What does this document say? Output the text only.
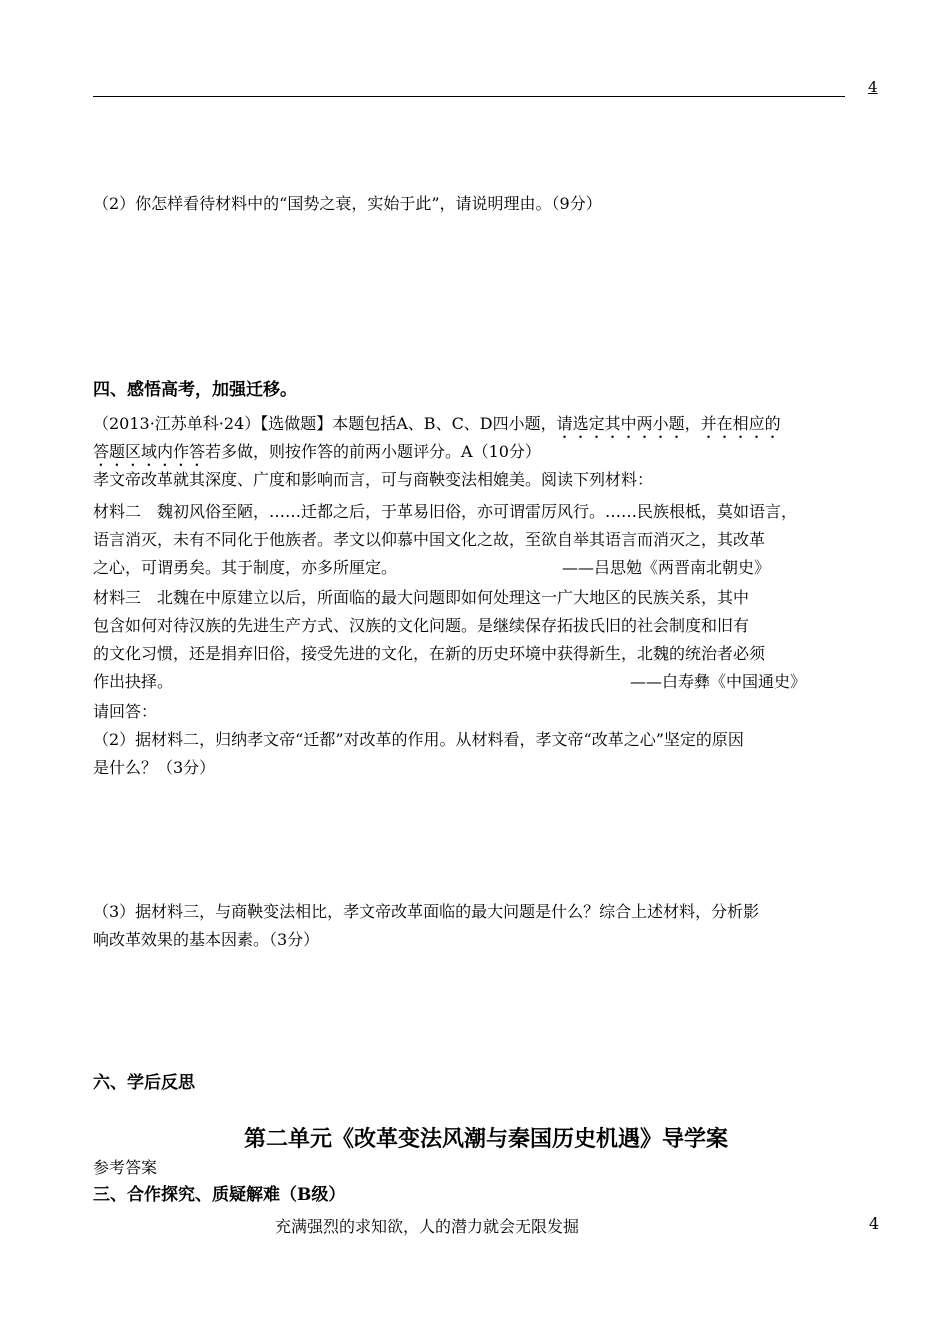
4
（2）你怎样看待材料中的“国势之衰，实始于此”，请说明理由。（9分）
四、感悟高考，加强迁移。
（2013·江苏单科·24）【选做题】本题包括A、B、C、D四小题，请选定其中两小题，并在相应的
答题区域内作答若多做，则按作答的前两小题评分。A（10分）
孝文帝改革就其深度、广度和影响而言，可与商鞅变法相媲美。阅读下列材料：
材料二　魏初风俗至陋，……迁都之后，于革易旧俗，亦可谓雷厉风行。……民族根柢，莫如语言，
语言消灭，未有不同化于他族者。孝文以仰慕中国文化之故，至欲自举其语言而消灭之，其改革
之心，可谓勇矣。其于制度，亦多所厘定。	——吕思勉《两晋南北朝史》
材料三　北魏在中原建立以后，所面临的最大问题即如何处理这一广大地区的民族关系，其中
包含如何对待汉族的先进生产方式、汉族的文化问题。是继续保存拓拔氏旧的社会制度和旧有
的文化习惯，还是捐弃旧俗，接受先进的文化，在新的历史环境中获得新生，北魏的统治者必须
作出抉择。	——白寿彝《中国通史》
请回答：
（2）据材料二，归纳孝文帝“迁都”对改革的作用。从材料看，孝文帝“改革之心”坚定的原因
是什么？（3分）
（3）据材料三，与商鞅变法相比，孝文帝改革面临的最大问题是什么？综合上述材料，分析影
响改革效果的基本因素。（3分）
六、学后反思
第二单元《改革变法风潮与秦国历史机遇》导学案
参考答案
三、合作探究、质疑解难（B级）
充满强烈的求知欲，人的潜力就会无限发掘	4
